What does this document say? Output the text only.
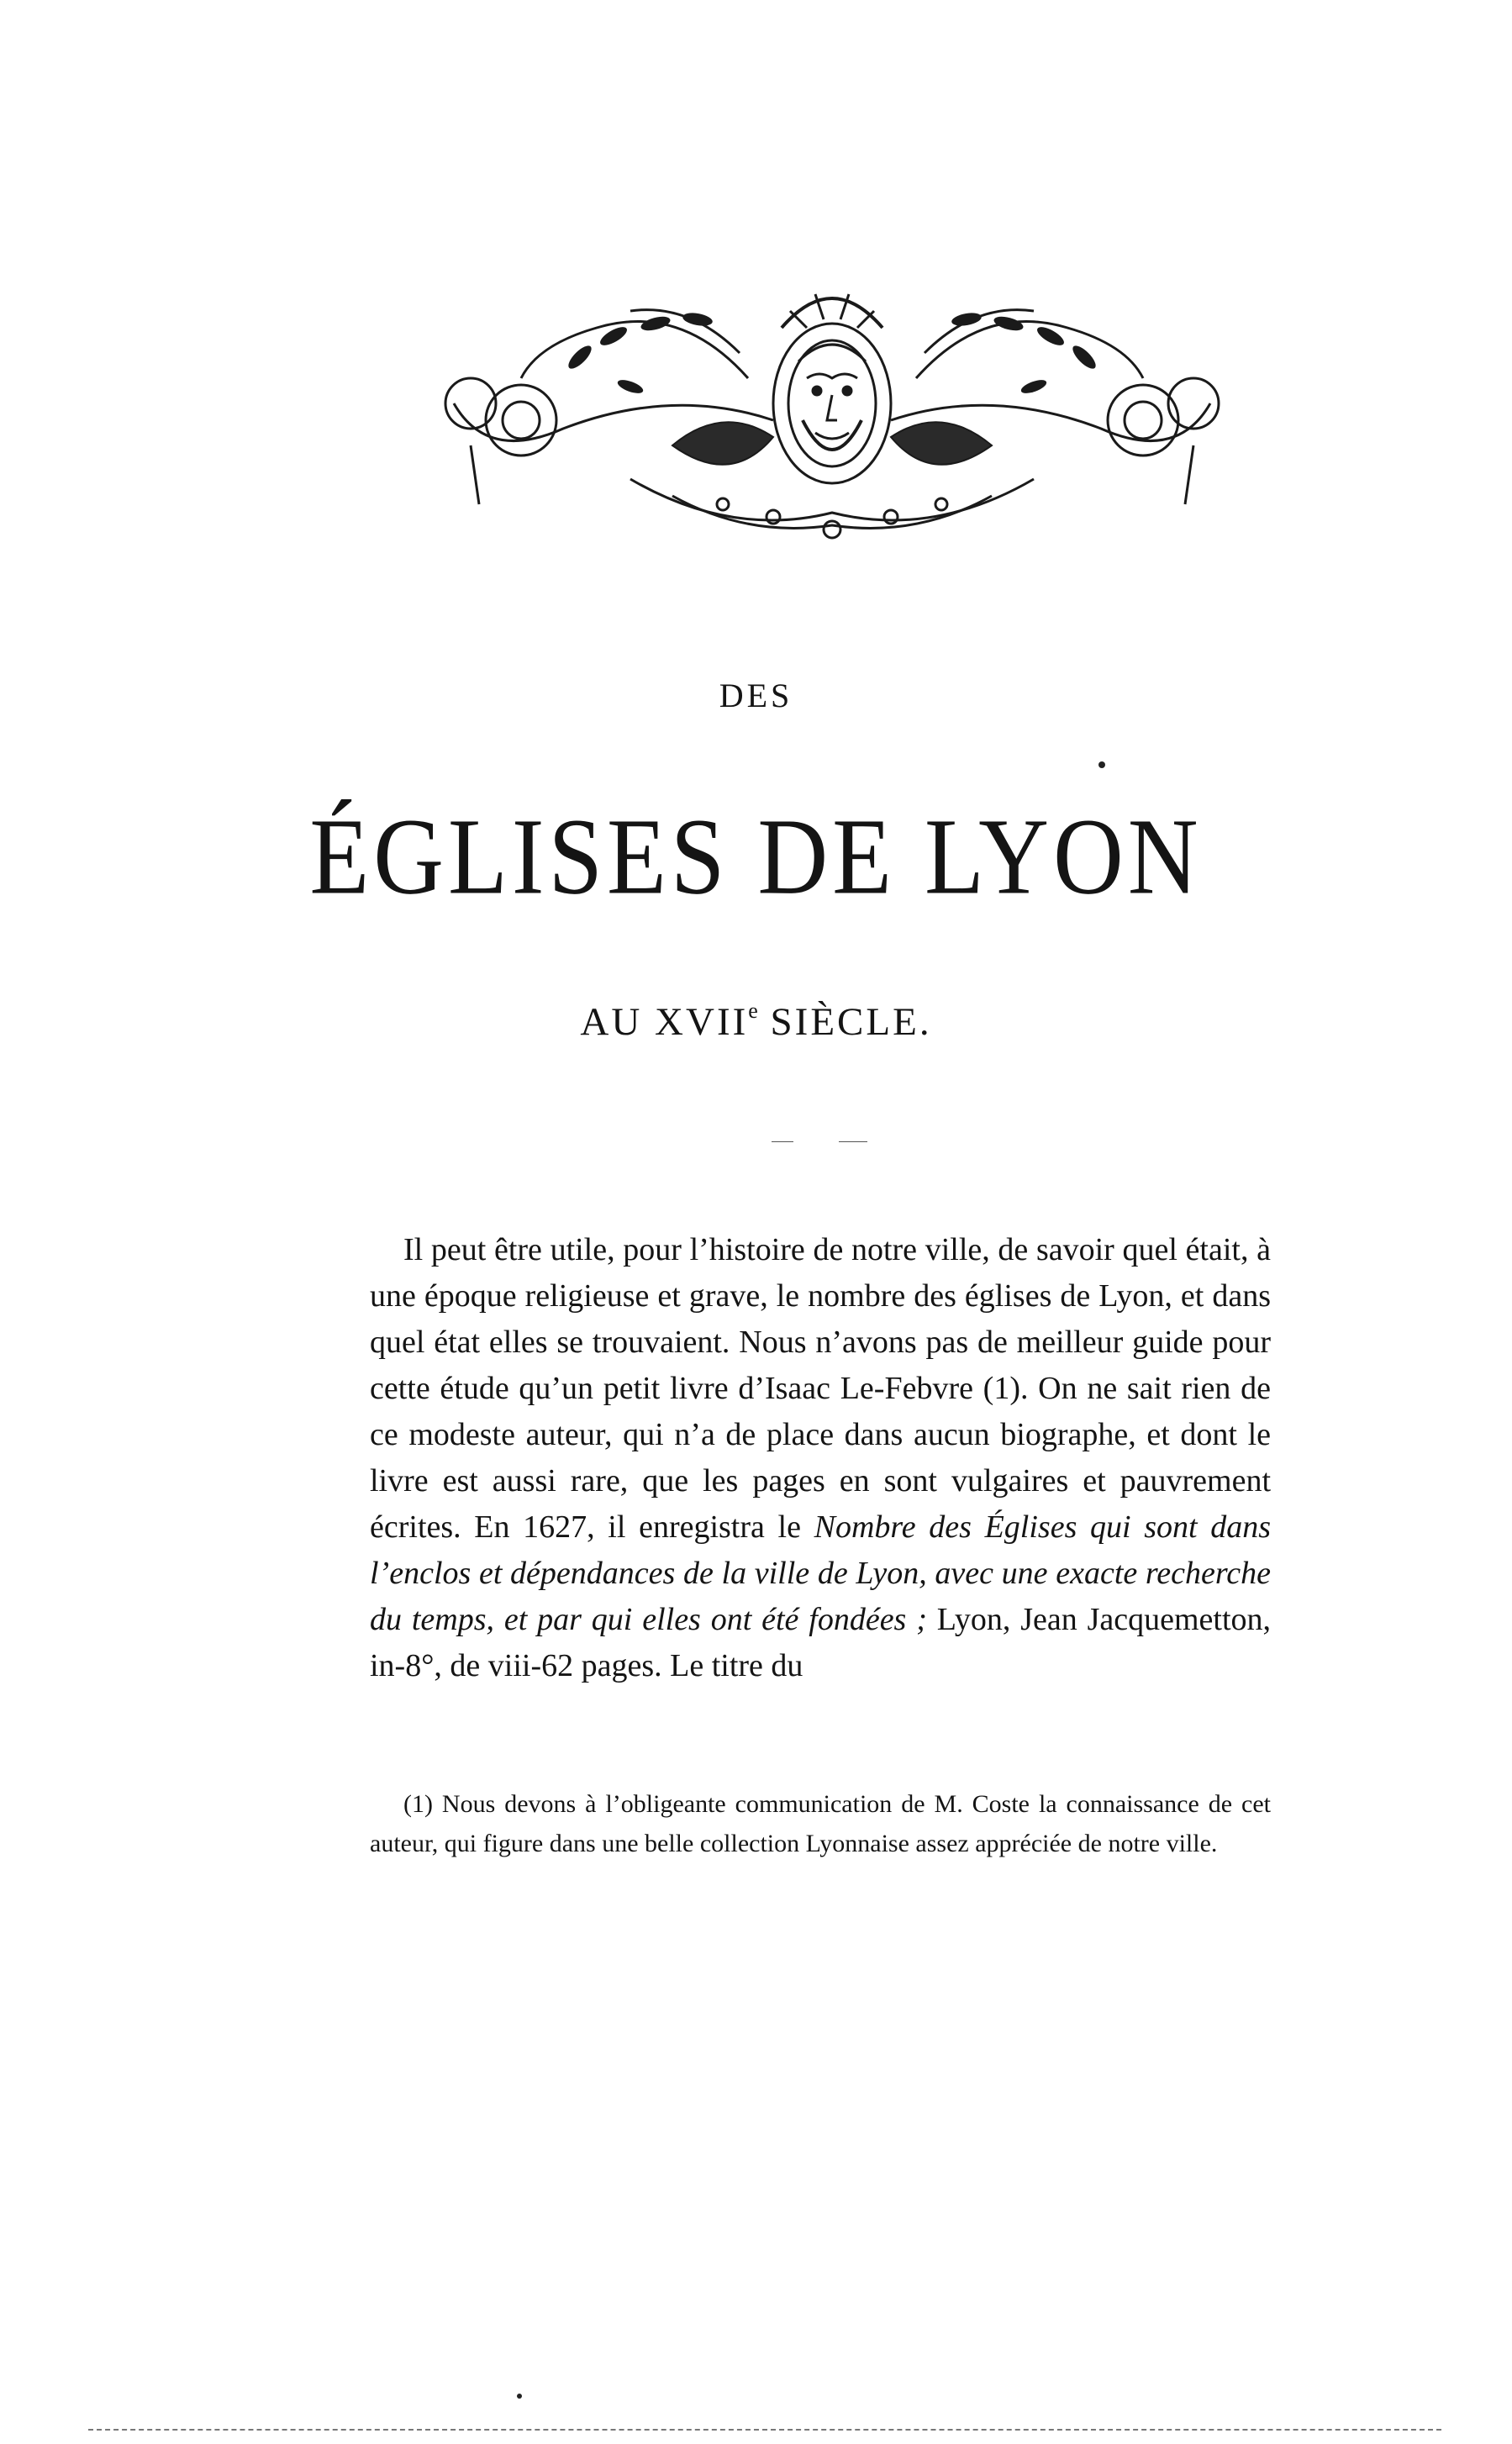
DES
ÉGLISES DE LYON
AU XVIIe SIÈCLE.

Il peut être utile, pour l’histoire de notre ville, de savoir quel était, à une époque religieuse et grave, le nombre des églises de Lyon, et dans quel état elles se trouvaient. Nous n’avons pas de meilleur guide pour cette étude qu’un petit livre d’Isaac Le-Febvre (1). On ne sait rien de ce modeste auteur, qui n’a de place dans aucun biographe, et dont le livre est aussi rare, que les pages en sont vulgaires et pauvrement écrites. En 1627, il enregistra le Nombre des Églises qui sont dans l’enclos et dépendances de la ville de Lyon, avec une exacte recherche du temps, et par qui elles ont été fondées ; Lyon, Jean Jacquemetton, in-8°, de viii-62 pages. Le titre du

(1) Nous devons à l’obligeante communication de M. Coste la connaissance de cet auteur, qui figure dans une belle collection Lyonnaise assez appréciée de notre ville.
